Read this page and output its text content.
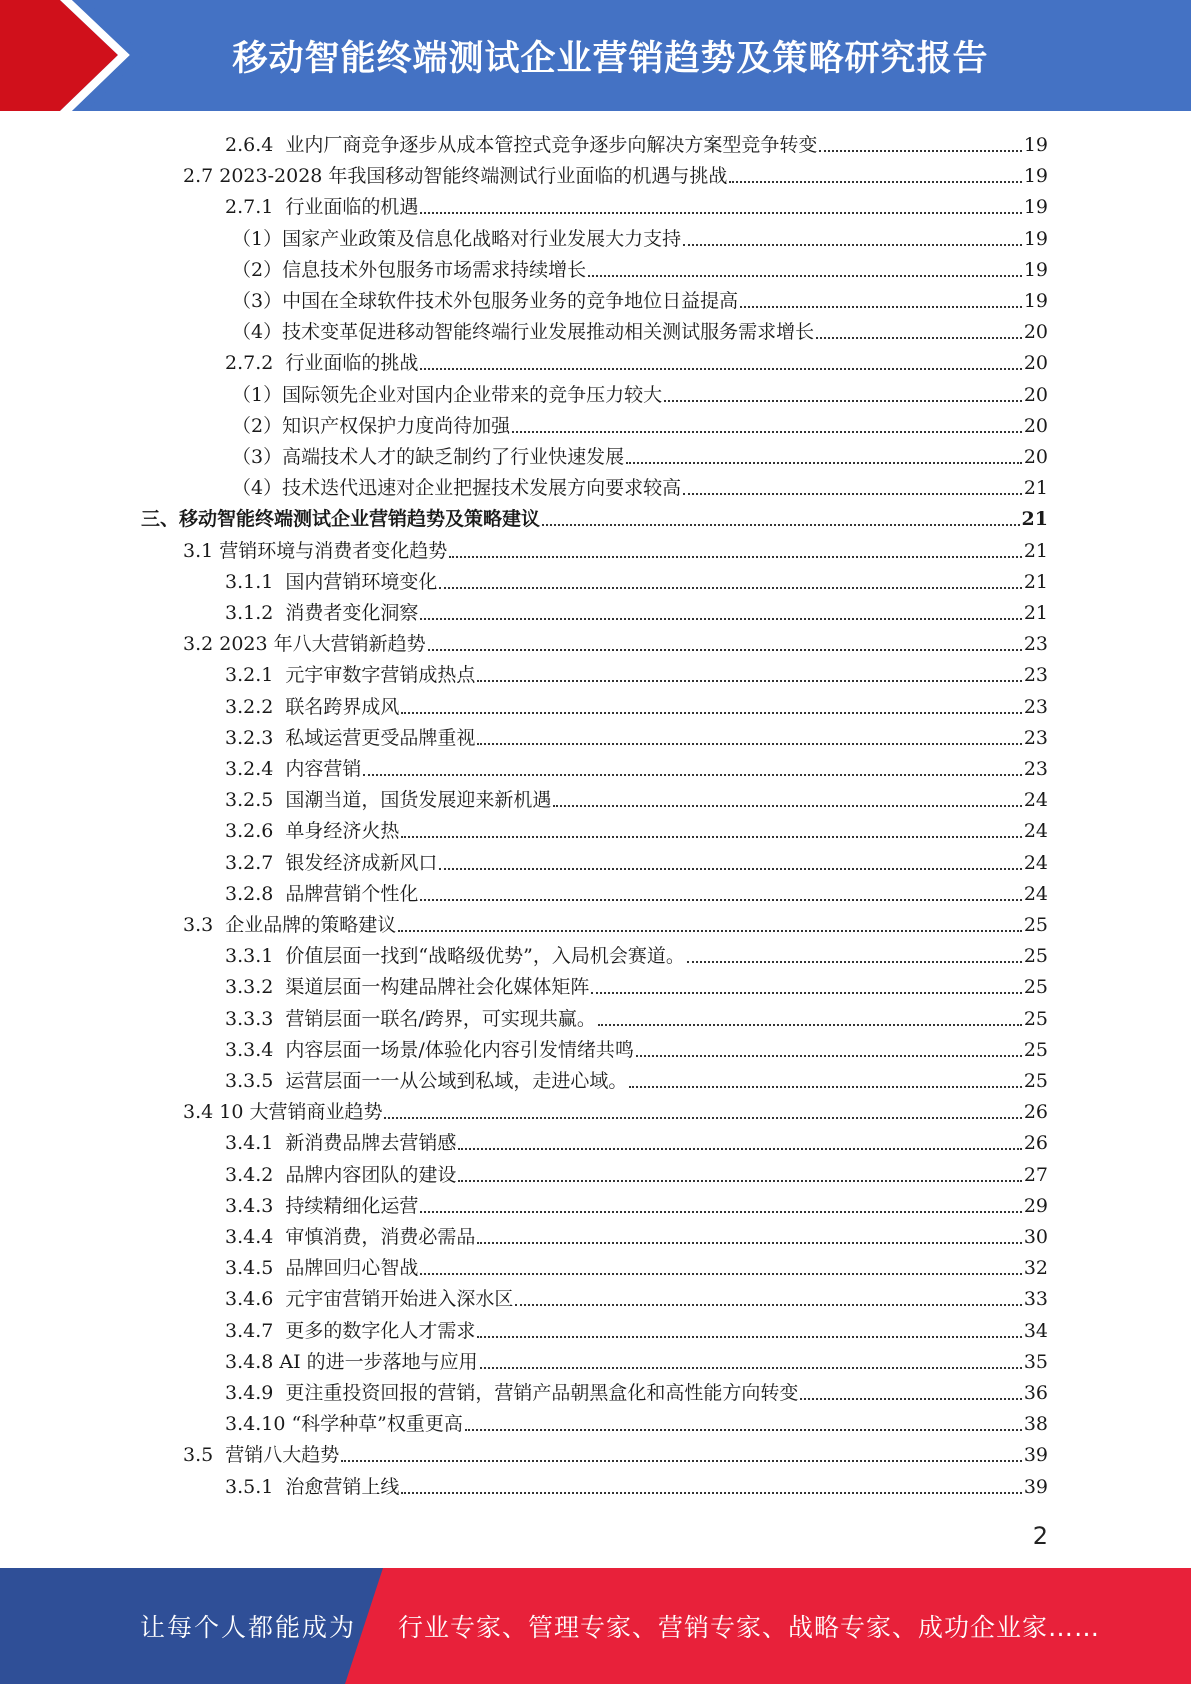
移动智能终端测试企业营销趋势及策略研究报告
2.6.4  业内厂商竞争逐步从成本管控式竞争逐步向解决方案型竞争转变	19
2.7 2023-2028 年我国移动智能终端测试行业面临的机遇与挑战	19
2.7.1  行业面临的机遇	19
（1）国家产业政策及信息化战略对行业发展大力支持	19
（2）信息技术外包服务市场需求持续增长	19
（3）中国在全球软件技术外包服务业务的竞争地位日益提高	19
（4）技术变革促进移动智能终端行业发展推动相关测试服务需求增长	20
2.7.2  行业面临的挑战	20
（1）国际领先企业对国内企业带来的竞争压力较大	20
（2）知识产权保护力度尚待加强	20
（3）高端技术人才的缺乏制约了行业快速发展	20
（4）技术迭代迅速对企业把握技术发展方向要求较高	21
三、移动智能终端测试企业营销趋势及策略建议	21
3.1 营销环境与消费者变化趋势	21
3.1.1  国内营销环境变化	21
3.1.2  消费者变化洞察	21
3.2 2023 年八大营销新趋势	23
3.2.1  元宇审数字营销成热点	23
3.2.2  联名跨界成风	23
3.2.3  私域运营更受品牌重视	23
3.2.4  内容营销	23
3.2.5  国潮当道，国货发展迎来新机遇	24
3.2.6  单身经济火热	24
3.2.7  银发经济成新风口	24
3.2.8  品牌营销个性化	24
3.3  企业品牌的策略建议	25
3.3.1  价值层面一找到“战略级优势”，入局机会赛道。	25
3.3.2  渠道层面一构建品牌社会化媒体矩阵	25
3.3.3  营销层面一联名/跨界，可实现共赢。	25
3.3.4  内容层面一场景/体验化内容引发情绪共鸣	25
3.3.5  运营层面一一从公域到私域，走进心域。	25
3.4 10 大营销商业趋势	26
3.4.1  新消费品牌去营销感	26
3.4.2  品牌内容团队的建设	27
3.4.3  持续精细化运营	29
3.4.4  审慎消费，消费必需品	30
3.4.5  品牌回归心智战	32
3.4.6  元宇宙营销开始进入深水区	33
3.4.7  更多的数字化人才需求	34
3.4.8 AI 的进一步落地与应用	35
3.4.9  更注重投资回报的营销，营销产品朝黑盒化和高性能方向转变	36
3.4.10 “科学种草”权重更高	38
3.5  营销八大趋势	39
3.5.1  治愈营销上线	39
2
让每个人都能成为 行业专家、管理专家、营销专家、战略专家、成功企业家……
